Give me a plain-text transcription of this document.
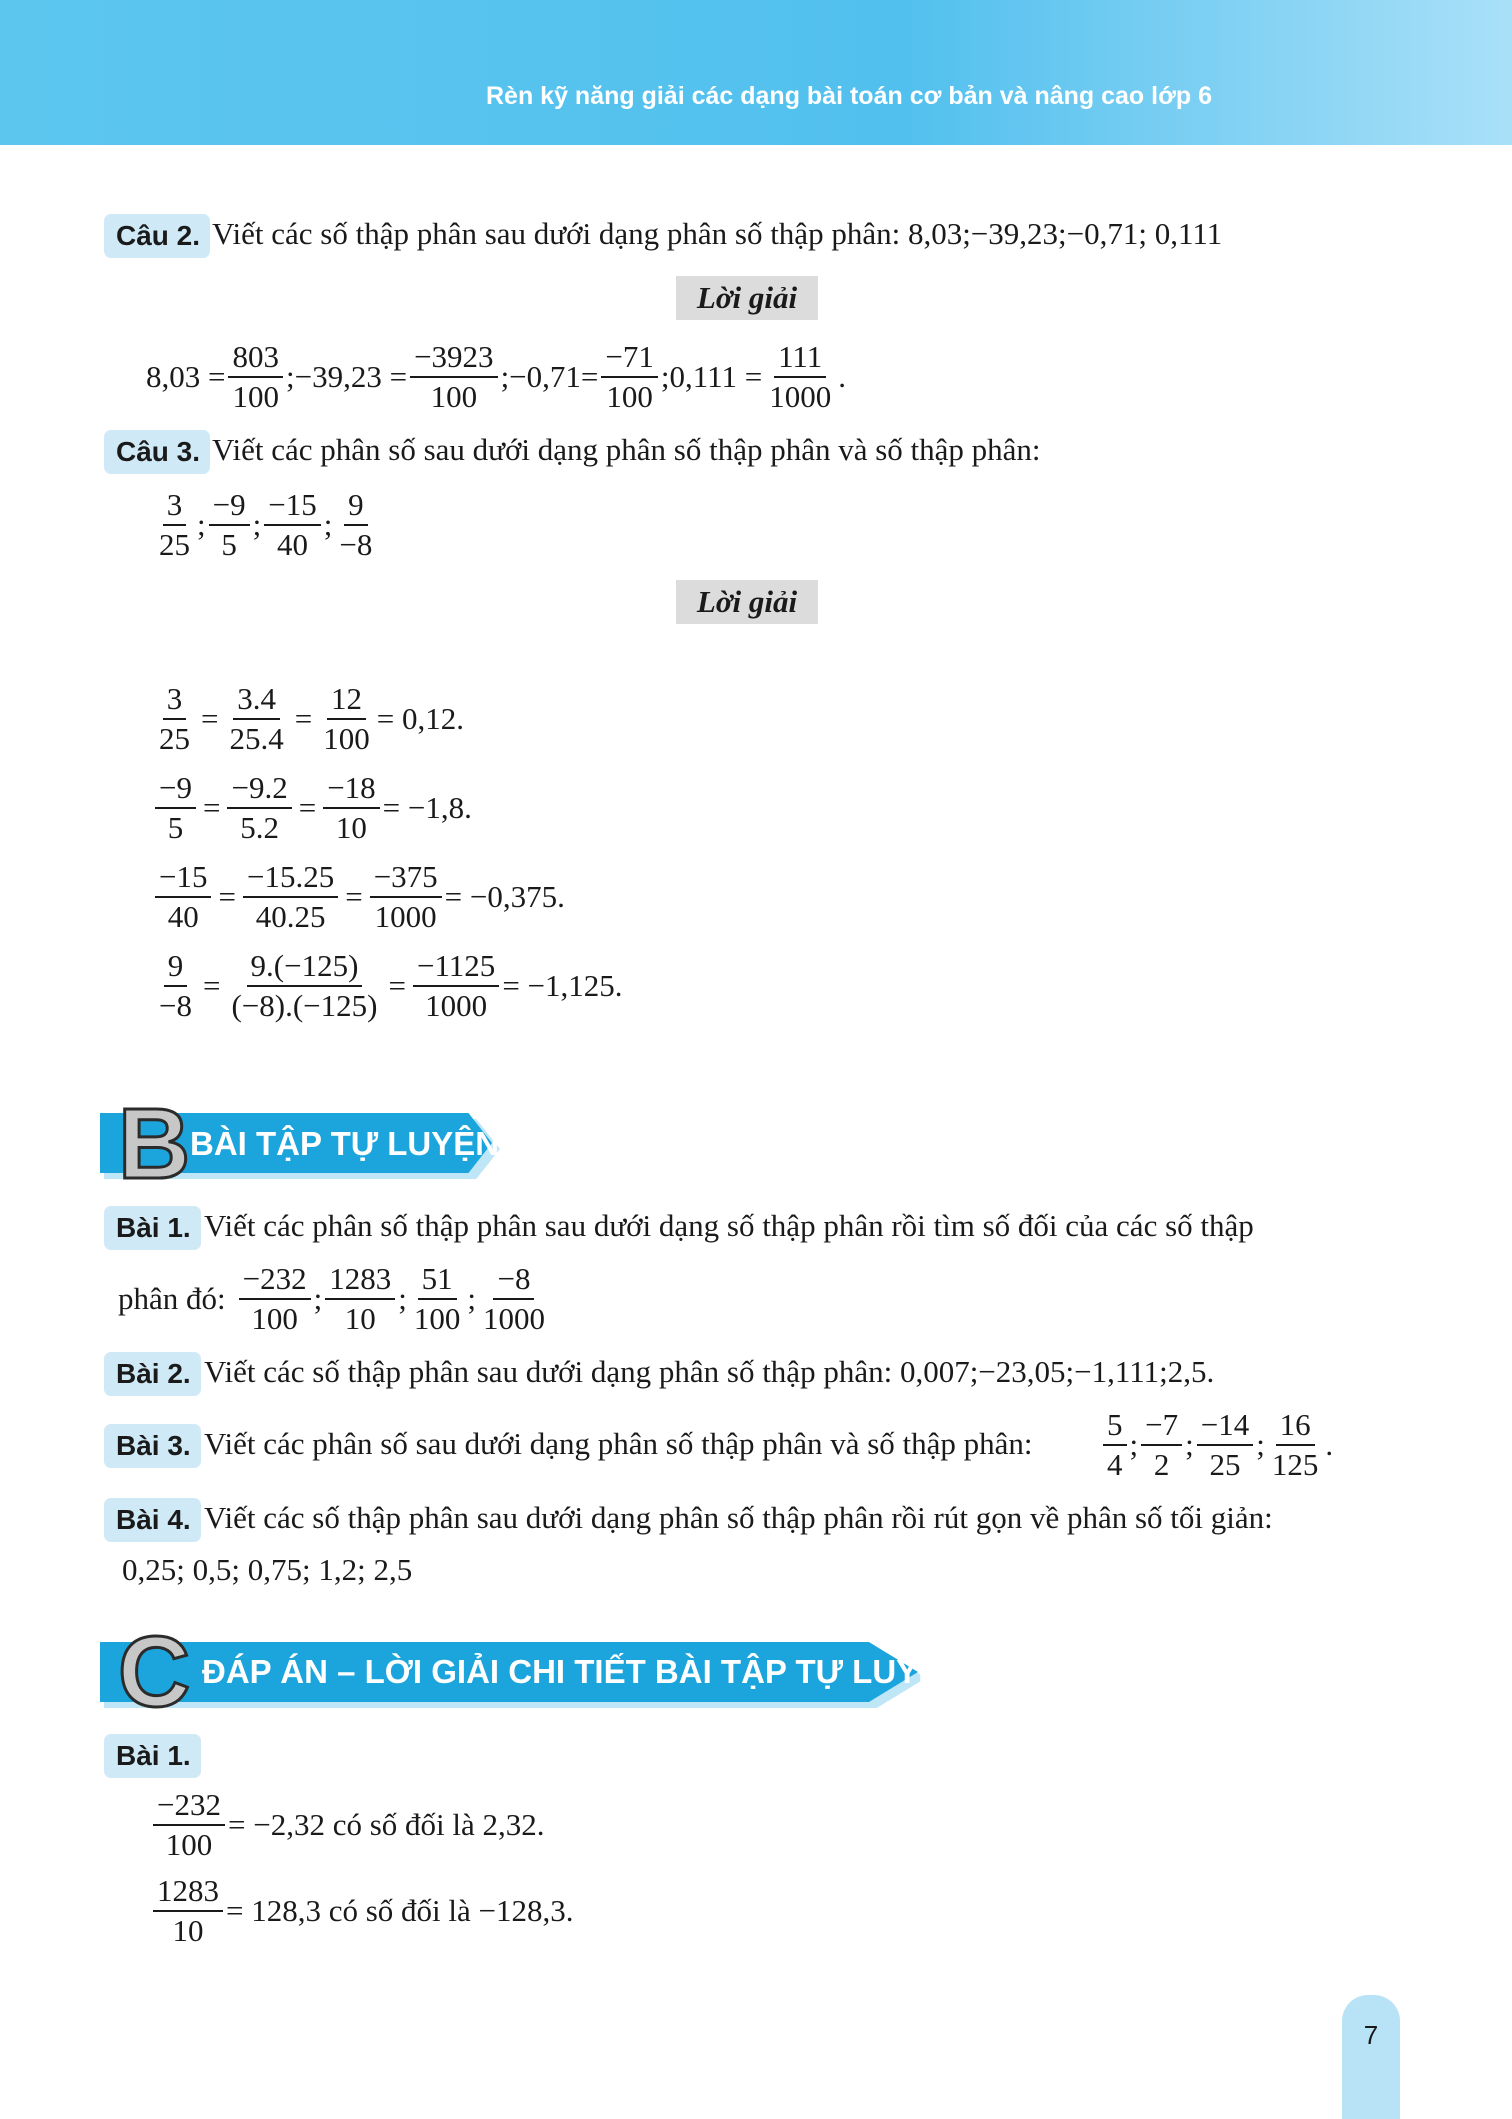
Rèn kỹ năng giải các dạng bài toán cơ bản và nâng cao lớp 6
Câu 2. Viết các số thập phân sau dưới dạng phân số thập phân: 8,03;−39,23;−0,71; 0,111
Lời giải
$8,03 = \frac{803}{100}$ ;−39,23 = $\frac{-3923}{100}$ ;−0,71= $\frac{-71}{100}$ ;0,111 = $\frac{111}{1000}$ .
Câu 3. Viết các phân số sau dưới dạng phân số thập phân và số thập phân:
$\frac{3}{25}$ ; $\frac{-9}{5}$ ; $\frac{-15}{40}$ ; $\frac{9}{-8}$
Lời giải
$\frac{3}{25} = \frac{3.4}{25.4} = \frac{12}{100} = 0,12$.
$\frac{-9}{5} = \frac{-9.2}{5.2} = \frac{-18}{10} = -1,8$.
$\frac{-15}{40} = \frac{-15.25}{40.25} = \frac{-375}{1000} = -0,375$.
$\frac{9}{-8} = \frac{9.(-125)}{(-8).(-125)} = \frac{-1125}{1000} = -1,125$.
B BÀI TẬP TỰ LUYỆN
Bài 1. Viết các phân số thập phân sau dưới dạng số thập phân rồi tìm số đối của các số thập
phân đó: $\frac{-232}{100}$ ; $\frac{1283}{10}$ ; $\frac{51}{100}$ ; $\frac{-8}{1000}$
Bài 2. Viết các số thập phân sau dưới dạng phân số thập phân: 0,007;−23,05;−1,111;2,5.
Bài 3. Viết các phân số sau dưới dạng phân số thập phân và số thập phân: $\frac{5}{4}$ ; $\frac{-7}{2}$ ; $\frac{-14}{25}$ ; $\frac{16}{125}$ .
Bài 4. Viết các số thập phân sau dưới dạng phân số thập phân rồi rút gọn về phân số tối giản:
0,25; 0,5; 0,75; 1,2; 2,5
C ĐÁP ÁN – LỜI GIẢI CHI TIẾT BÀI TẬP TỰ LUYỆN
Bài 1.
$\frac{-232}{100} = -2,32$ có số đối là 2,32.
$\frac{1283}{10} = 128,3$ có số đối là −128,3.
7
